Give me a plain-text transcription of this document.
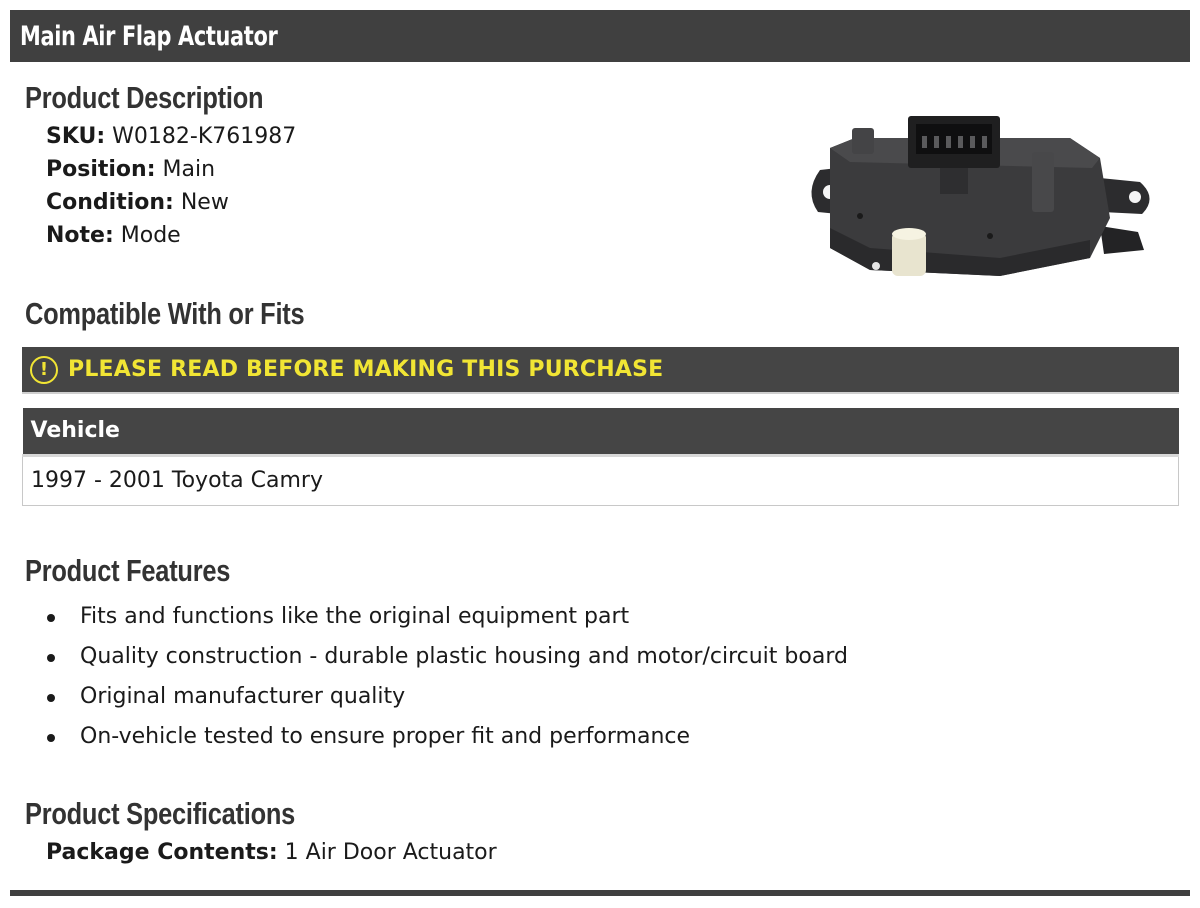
Main Air Flap Actuator
Product Description
SKU: W0182-K761987
Position: Main
Condition: New
Note: Mode
Compatible With or Fits
! PLEASE READ BEFORE MAKING THIS PURCHASE
Vehicle
1997 - 2001 Toyota Camry
Product Features
Fits and functions like the original equipment part
Quality construction - durable plastic housing and motor/circuit board
Original manufacturer quality
On-vehicle tested to ensure proper fit and performance
Product Specifications
Package Contents: 1 Air Door Actuator
